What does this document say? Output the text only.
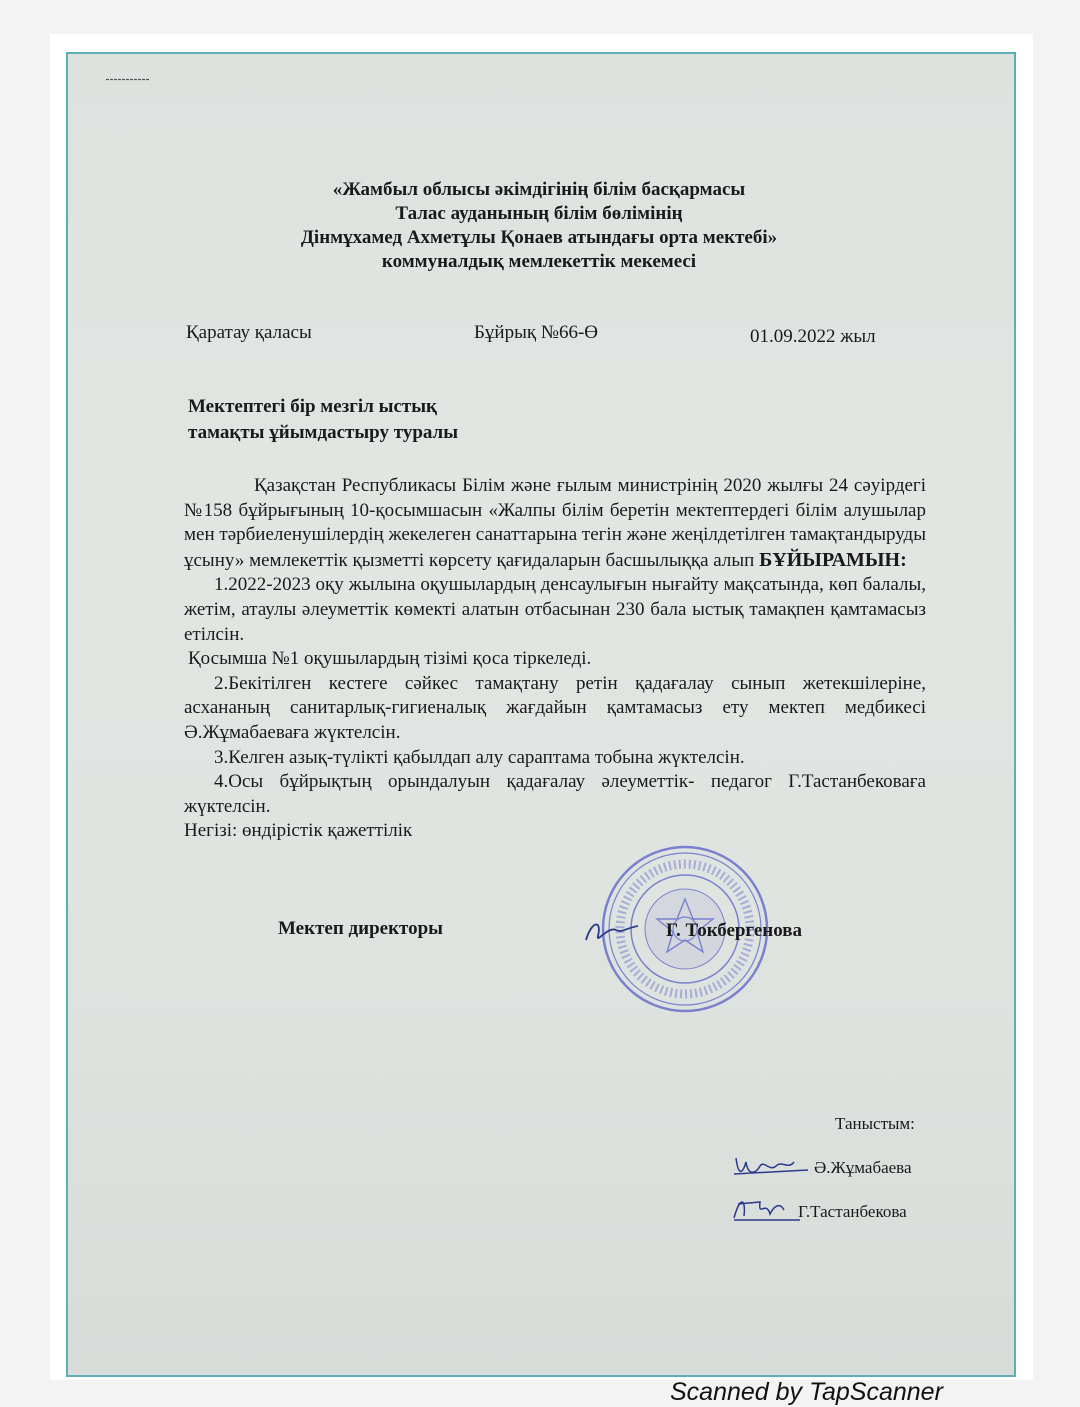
«Жамбыл облысы әкімдігінің білім басқармасы
Талас ауданының білім бөлімінің
Дінмұхамед Ахметұлы Қонаев атындағы орта мектебі»
коммуналдық мемлекеттік мекемесі
Қаратау қаласы	Бұйрық №66-Ө	01.09.2022 жыл
Мектептегі бір мезгіл ыстық
тамақты ұйымдастыру туралы

Қазақстан Республикасы Білім және ғылым министрінің 2020 жылғы 24 сәуірдегі №158 бұйрығының 10-қосымшасын «Жалпы білім беретін мектептердегі білім алушылар мен тәрбиеленушілердің жекелеген санаттарына тегін және жеңілдетілген тамақтандыруды ұсыну» мемлекеттік қызметті көрсету қағидаларын басшылыққа алып БҰЙЫРАМЫН:

1.2022-2023 оқу жылына оқушылардың денсаулығын нығайту мақсатында, көп балалы, жетім, атаулы әлеуметтік көмекті алатын отбасынан 230 бала ыстық тамақпен қамтамасыз етілсін.

Қосымша №1 оқушылардың тізімі қоса тіркеледі.

2.Бекітілген кестеге сәйкес тамақтану ретін қадағалау сынып жетекшілеріне, асхананың санитарлық-гигиеналық жағдайын қамтамасыз ету мектеп медбикесі Ә.Жұмабаеваға жүктелсін.

3.Келген азық-түлікті қабылдап алу сараптама тобына жүктелсін.

4.Осы бұйрықтың орындалуын қадағалау әлеуметтік- педагог Г.Тастанбековаға жүктелсін.

Негізі: өндірістік қажеттілік

Мектеп директоры	Г. Токбергенова
Таныстым:
Ә.Жұмабаева
Г.Тастанбекова
Scanned by TapScanner
